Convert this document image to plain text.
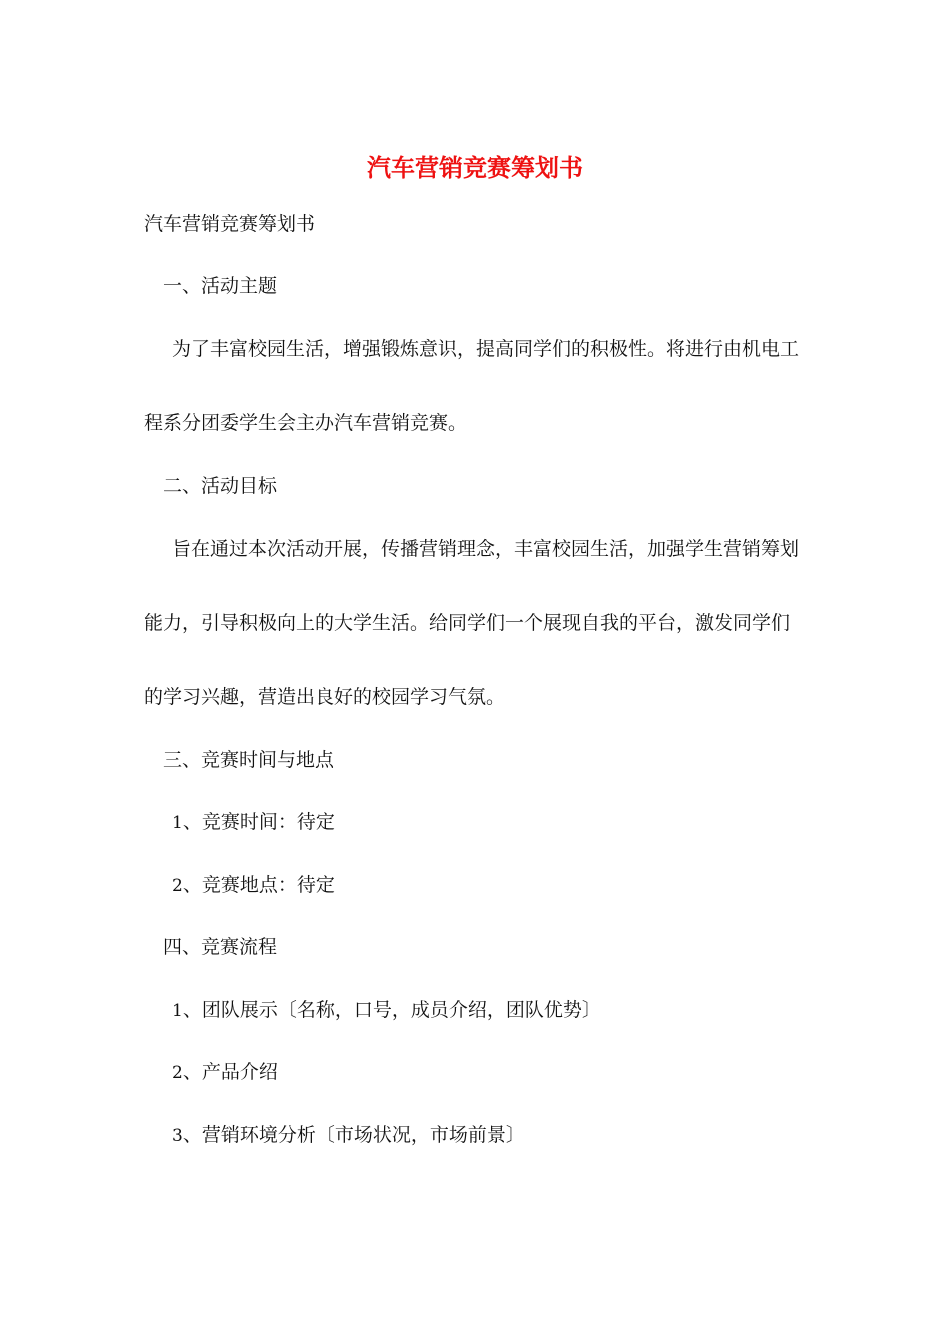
汽车营销竞赛筹划书
汽车营销竞赛筹划书
一、活动主题
为了丰富校园生活，增强锻炼意识，提高同学们的积极性。将进行由机电工
程系分团委学生会主办汽车营销竞赛。
二、活动目标
旨在通过本次活动开展，传播营销理念，丰富校园生活，加强学生营销筹划
能力，引导积极向上的大学生活。给同学们一个展现自我的平台，激发同学们
的学习兴趣，营造出良好的校园学习气氛。
三、竞赛时间与地点
1、竞赛时间：待定
2、竞赛地点：待定
四、竞赛流程
1、团队展示〔名称，口号，成员介绍，团队优势〕
2、产品介绍
3、营销环境分析〔市场状况，市场前景〕
